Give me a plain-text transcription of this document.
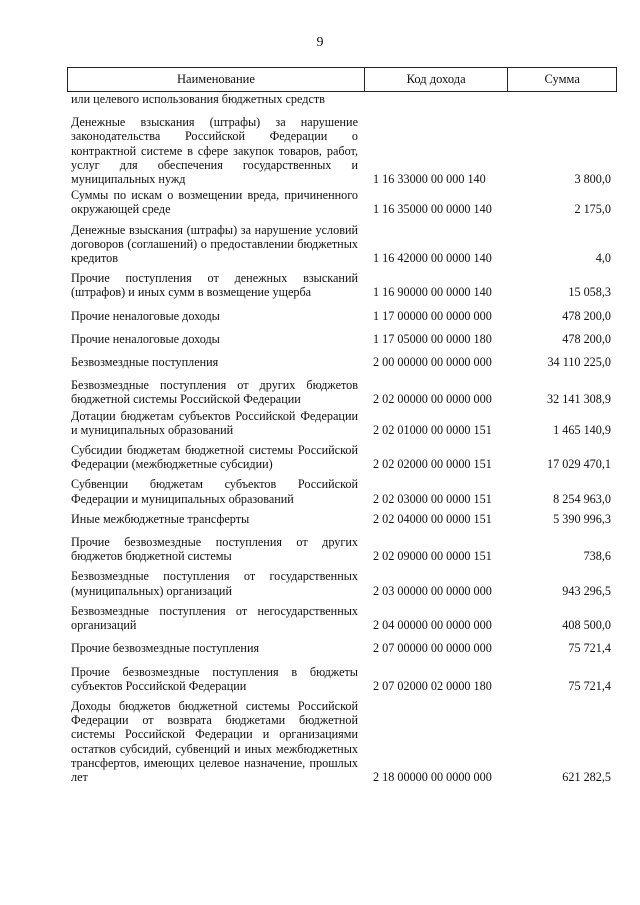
9
Наименование	Код дохода	Сумма
или целевого использования бюджетных средств
Денежные взыскания (штрафы) за нарушение законодательства Российской Федерации о контрактной системе в сфере закупок товаров, работ, услуг для обеспечения государственных и муниципальных нужд	1 16 33000 00 000 140	3 800,0
Суммы по искам о возмещении вреда, причиненного окружающей среде	1 16 35000 00 0000 140	2 175,0
Денежные взыскания (штрафы) за нарушение условий договоров (соглашений) о предоставлении бюджетных кредитов	1 16 42000 00 0000 140	4,0
Прочие поступления от денежных взысканий (штрафов) и иных сумм в возмещение ущерба	1 16 90000 00 0000 140	15 058,3
Прочие неналоговые доходы	1 17 00000 00 0000 000	478 200,0
Прочие неналоговые доходы	1 17 05000 00 0000 180	478 200,0
Безвозмездные поступления	2 00 00000 00 0000 000	34 110 225,0
Безвозмездные поступления от других бюджетов бюджетной системы Российской Федерации	2 02 00000 00 0000 000	32 141 308,9
Дотации бюджетам субъектов Российской Федерации и муниципальных образований	2 02 01000 00 0000 151	1 465 140,9
Субсидии бюджетам бюджетной системы Российской Федерации (межбюджетные субсидии)	2 02 02000 00 0000 151	17 029 470,1
Субвенции бюджетам субъектов Российской Федерации и муниципальных образований	2 02 03000 00 0000 151	8 254 963,0
Иные межбюджетные трансферты	2 02 04000 00 0000 151	5 390 996,3
Прочие безвозмездные поступления от других бюджетов бюджетной системы	2 02 09000 00 0000 151	738,6
Безвозмездные поступления от государственных (муниципальных) организаций	2 03 00000 00 0000 000	943 296,5
Безвозмездные поступления от негосударственных организаций	2 04 00000 00 0000 000	408 500,0
Прочие безвозмездные поступления	2 07 00000 00 0000 000	75 721,4
Прочие безвозмездные поступления в бюджеты субъектов Российской Федерации	2 07 02000 02 0000 180	75 721,4
Доходы бюджетов бюджетной системы Российской Федерации от возврата бюджетами бюджетной системы Российской Федерации и организациями остатков субсидий, субвенций и иных межбюджетных трансфертов, имеющих целевое назначение, прошлых лет	2 18 00000 00 0000 000	621 282,5
